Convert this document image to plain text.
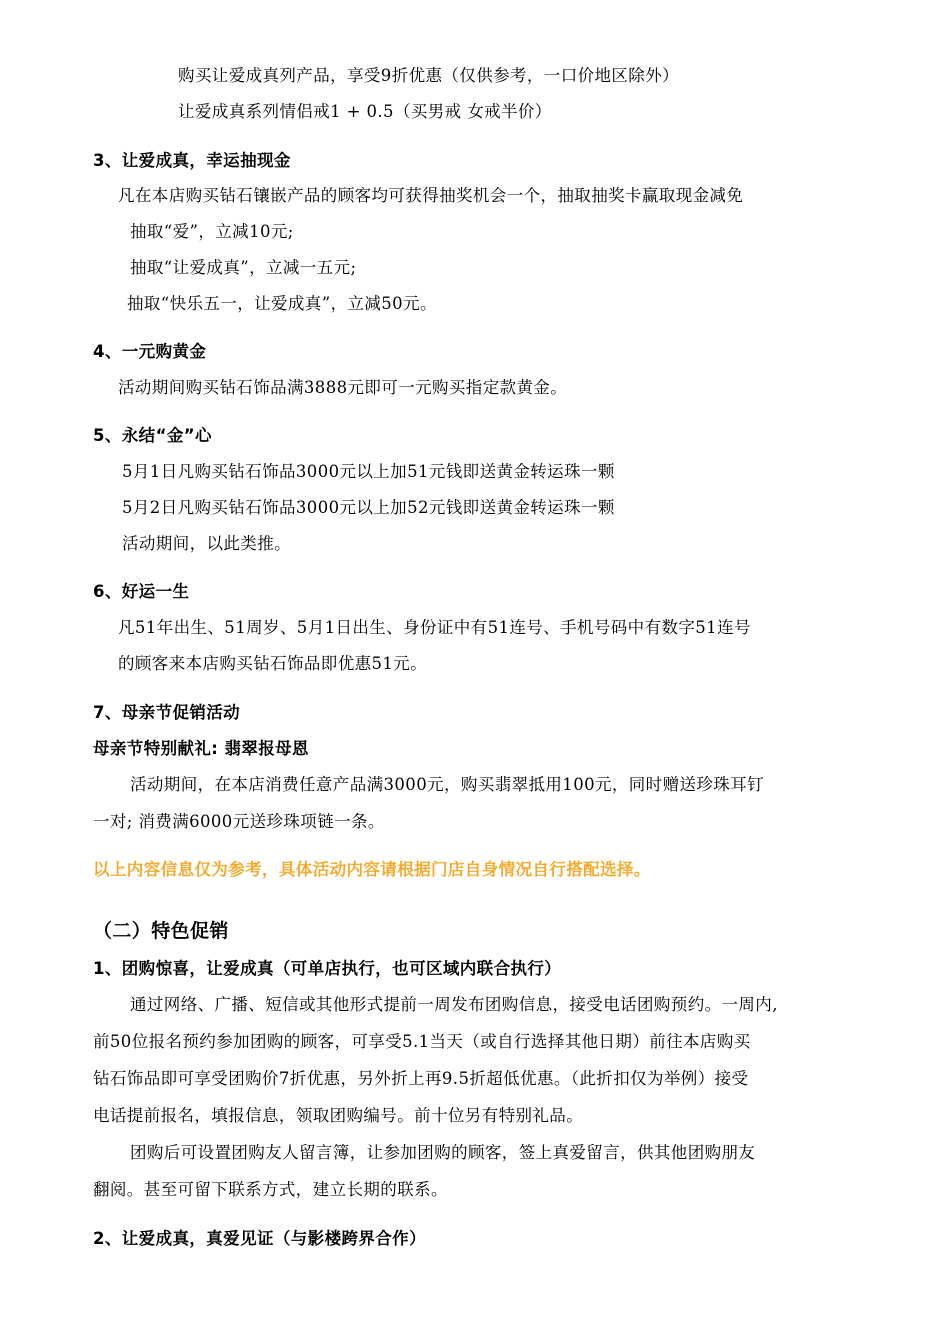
购买让爱成真列产品，享受9折优惠（仅供参考，一口价地区除外）
让爱成真系列情侣戒1 + 0.5（买男戒 女戒半价）
3、让爱成真，幸运抽现金
凡在本店购买钻石镶嵌产品的顾客均可获得抽奖机会一个，抽取抽奖卡赢取现金减免
抽取“爱”，立减10元;
抽取“让爱成真”，立减一五元;
抽取“快乐五一，让爱成真”，立减50元。
4、一元购黄金
活动期间购买钻石饰品满3888元即可一元购买指定款黄金。
5、永结“金”心
5月1日凡购买钻石饰品3000元以上加51元钱即送黄金转运珠一颗
5月2日凡购买钻石饰品3000元以上加52元钱即送黄金转运珠一颗
活动期间，以此类推。
6、好运一生
凡51年出生、51周岁、5月1日出生、身份证中有51连号、手机号码中有数字51连号
的顾客来本店购买钻石饰品即优惠51元。
7、母亲节促销活动
母亲节特别献礼: 翡翠报母恩
活动期间，在本店消费任意产品满3000元，购买翡翠抵用100元，同时赠送珍珠耳钉
一对; 消费满6000元送珍珠项链一条。
以上内容信息仅为参考，具体活动内容请根据门店自身情况自行搭配选择。
（二）特色促销
1、团购惊喜，让爱成真（可单店执行，也可区域内联合执行）
通过网络、广播、短信或其他形式提前一周发布团购信息，接受电话团购预约。一周内,
前50位报名预约参加团购的顾客，可享受5.1当天（或自行选择其他日期）前往本店购买
钻石饰品即可享受团购价7折优惠，另外折上再9.5折超低优惠。（此折扣仅为举例）接受
电话提前报名，填报信息，领取团购编号。前十位另有特别礼品。
团购后可设置团购友人留言簿，让参加团购的顾客，签上真爱留言，供其他团购朋友
翻阅。甚至可留下联系方式，建立长期的联系。
2、让爱成真，真爱见证（与影楼跨界合作）
